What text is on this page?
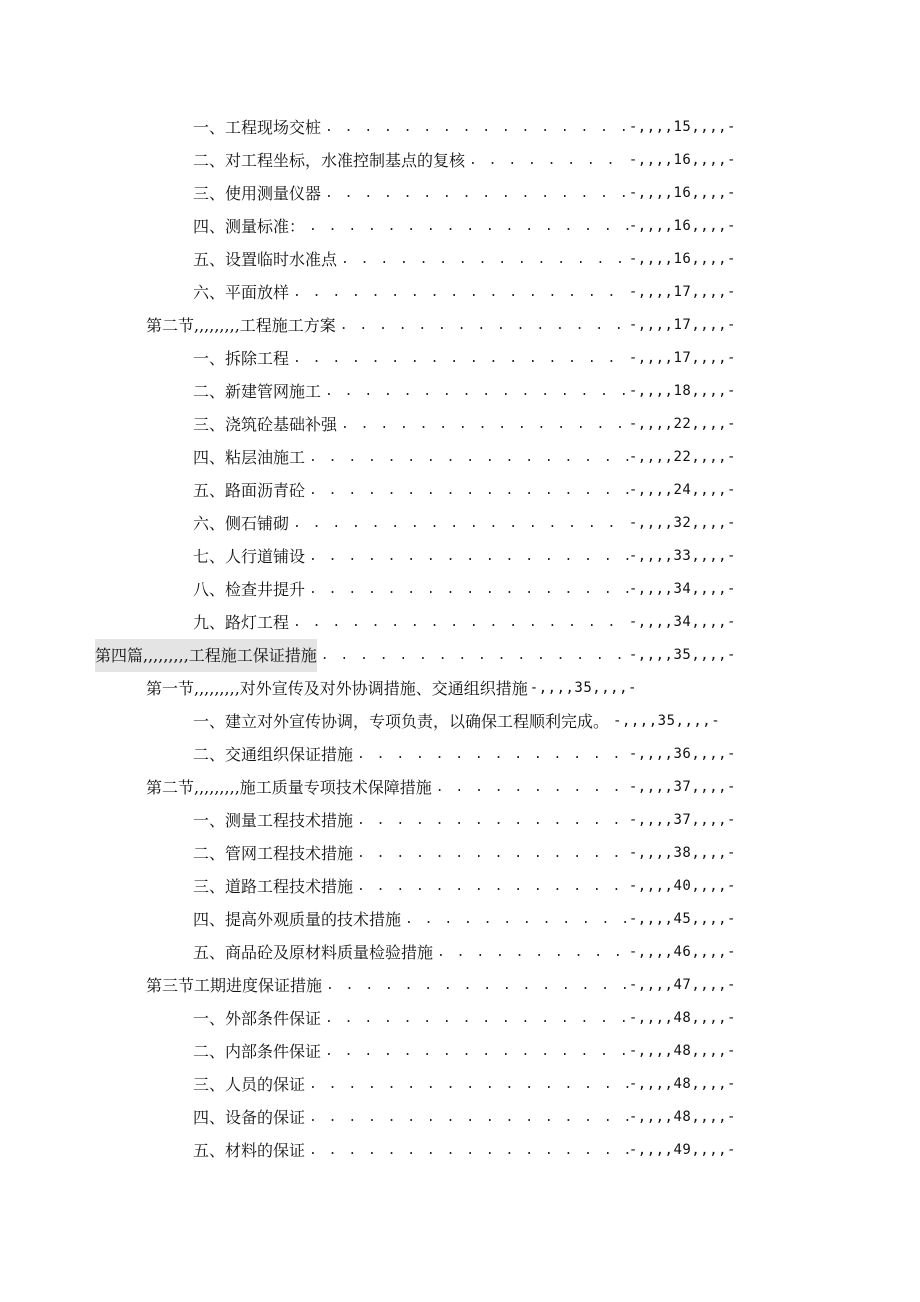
一、工程现场交桩 . . .	-,,,,15,,,,-
二、对工程坐标，水准控制基点的复核 . . .	-,,,,16,,,,-
三、使用测量仪器 . . .	-,,,,16,,,,-
四、测量标准： . . .	-,,,,16,,,,-
五、设置临时水准点 . . .	-,,,,16,,,,-
六、平面放样 . . .	-,,,,17,,,,-
第二节,,,,,,,,,工程施工方案 . . .	-,,,,17,,,,-
一、拆除工程 . . .	-,,,,17,,,,-
二、新建管网施工 . . .	-,,,,18,,,,-
三、浇筑砼基础补强 . . .	-,,,,22,,,,-
四、粘层油施工 . . .	-,,,,22,,,,-
五、路面沥青砼 . . .	-,,,,24,,,,-
六、侧石铺砌 . . .	-,,,,32,,,,-
七、人行道铺设 . . .	-,,,,33,,,,-
八、检查井提升 . . .	-,,,,34,,,,-
九、路灯工程 . . .	-,,,,34,,,,-
第四篇,,,,,,,,,工程施工保证措施 . . .	-,,,,35,,,,-
第一节,,,,,,,,,对外宣传及对外协调措施、交通组织措施 -,,,,35,,,,-
一、建立对外宣传协调，专项负责，以确保工程顺利完成。 -,,,,35,,,,-
二、交通组织保证措施 . . .	-,,,,36,,,,-
第二节,,,,,,,,,施工质量专项技术保障措施 . . .	-,,,,37,,,,-
一、测量工程技术措施 . . .	-,,,,37,,,,-
二、管网工程技术措施 . . .	-,,,,38,,,,-
三、道路工程技术措施 . . .	-,,,,40,,,,-
四、提高外观质量的技术措施 . . .	-,,,,45,,,,-
五、商品砼及原材料质量检验措施 . . .	-,,,,46,,,,-
第三节工期进度保证措施 . . .	-,,,,47,,,,-
一、外部条件保证 . . .	-,,,,48,,,,-
二、内部条件保证 . . .	-,,,,48,,,,-
三、人员的保证 . . .	-,,,,48,,,,-
四、设备的保证 . . .	-,,,,48,,,,-
五、材料的保证 . . .	-,,,,49,,,,-
